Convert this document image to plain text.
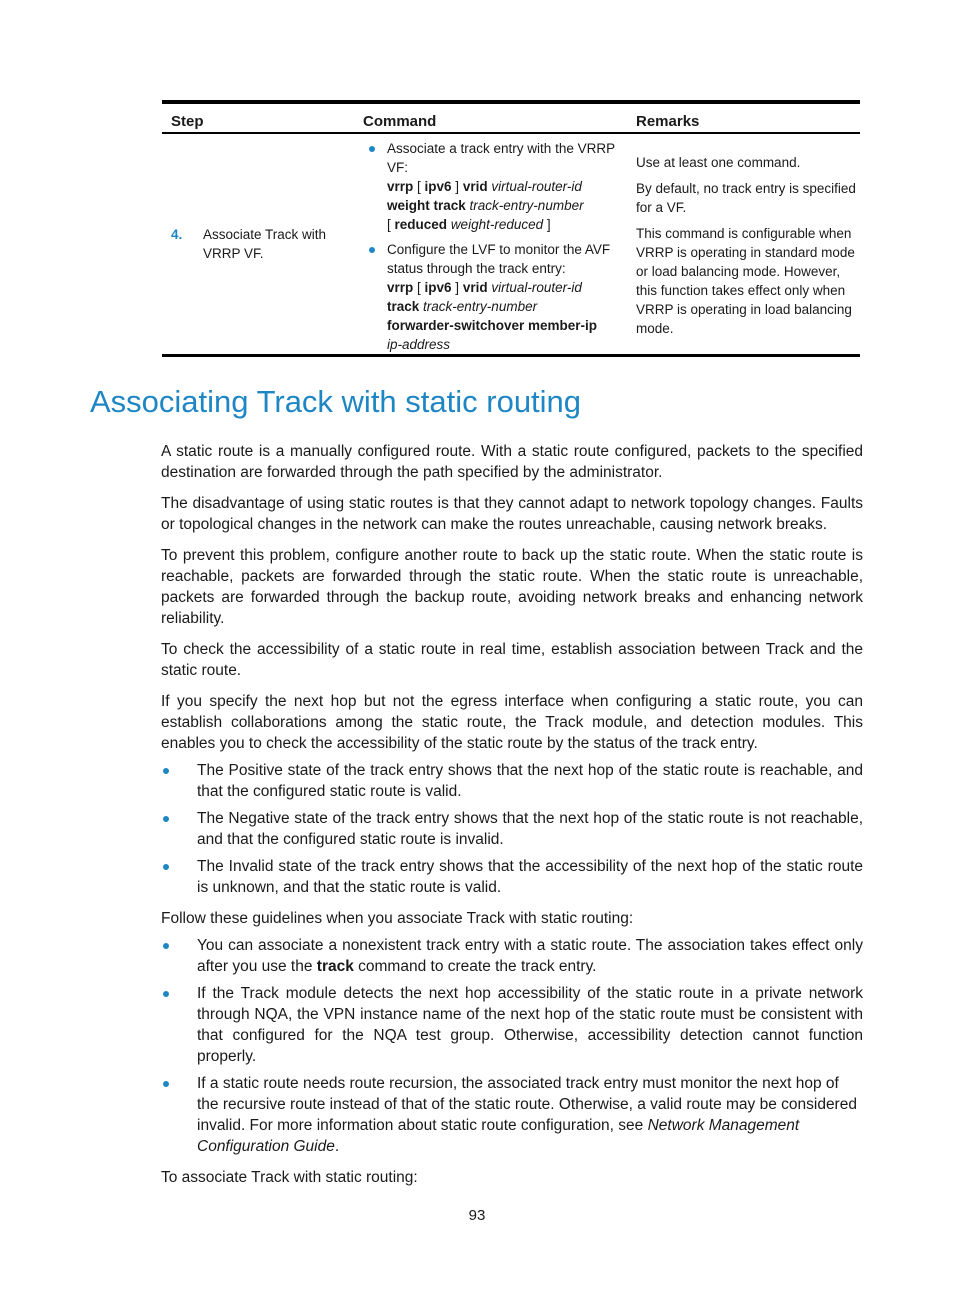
Step	Command	Remarks
4. Associate Track with VRRP VF.
Associate a track entry with the VRRP
VF:
vrrp [ ipv6 ] vrid virtual-router-id
weight track track-entry-number
[ reduced weight-reduced ]
Configure the LVF to monitor the AVF
status through the track entry:
vrrp [ ipv6 ] vrid virtual-router-id
track track-entry-number
forwarder-switchover member-ip
ip-address

Use at least one command.

By default, no track entry is specified for a VF.

This command is configurable when VRRP is operating in standard mode or load balancing mode. However, this function takes effect only when VRRP is operating in load balancing mode.

Associating Track with static routing

A static route is a manually configured route. With a static route configured, packets to the specified destination are forwarded through the path specified by the administrator.

The disadvantage of using static routes is that they cannot adapt to network topology changes. Faults or topological changes in the network can make the routes unreachable, causing network breaks.

To prevent this problem, configure another route to back up the static route. When the static route is reachable, packets are forwarded through the static route. When the static route is unreachable, packets are forwarded through the backup route, avoiding network breaks and enhancing network reliability.

To check the accessibility of a static route in real time, establish association between Track and the static route.

If you specify the next hop but not the egress interface when configuring a static route, you can establish collaborations among the static route, the Track module, and detection modules. This enables you to check the accessibility of the static route by the status of the track entry.

The Positive state of the track entry shows that the next hop of the static route is reachable, and that the configured static route is valid.
The Negative state of the track entry shows that the next hop of the static route is not reachable, and that the configured static route is invalid.
The Invalid state of the track entry shows that the accessibility of the next hop of the static route is unknown, and that the static route is valid.

Follow these guidelines when you associate Track with static routing:

You can associate a nonexistent track entry with a static route. The association takes effect only after you use the track command to create the track entry.
If the Track module detects the next hop accessibility of the static route in a private network through NQA, the VPN instance name of the next hop of the static route must be consistent with that configured for the NQA test group. Otherwise, accessibility detection cannot function properly.
If a static route needs route recursion, the associated track entry must monitor the next hop of the recursive route instead of that of the static route. Otherwise, a valid route may be considered invalid. For more information about static route configuration, see Network Management Configuration Guide.

To associate Track with static routing:

93
